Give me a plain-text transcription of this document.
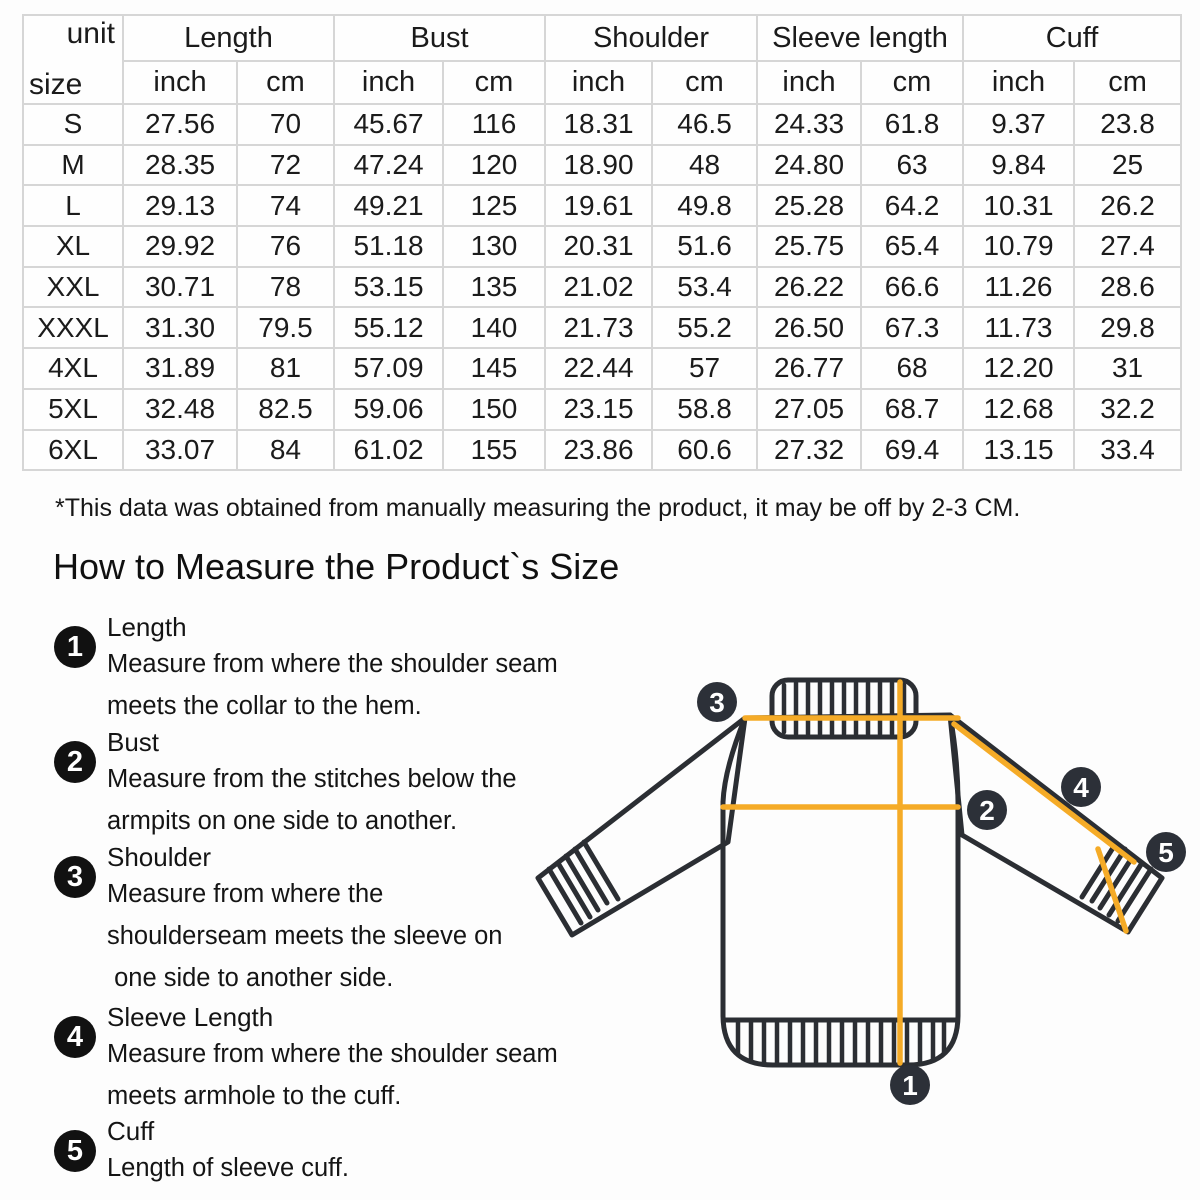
unit
size	Length		Bust		Shoulder		Sleeve length		Cuff	
	inch	cm	inch	cm	inch	cm	inch	cm	inch	cm
S	27.56	70	45.67	116	18.31	46.5	24.33	61.8	9.37	23.8
M	28.35	72	47.24	120	18.90	48	24.80	63	9.84	25
L	29.13	74	49.21	125	19.61	49.8	25.28	64.2	10.31	26.2
XL	29.92	76	51.18	130	20.31	51.6	25.75	65.4	10.79	27.4
XXL	30.71	78	53.15	135	21.02	53.4	26.22	66.6	11.26	28.6
XXXL	31.30	79.5	55.12	140	21.73	55.2	26.50	67.3	11.73	29.8
4XL	31.89	81	57.09	145	22.44	57	26.77	68	12.20	31
5XL	32.48	82.5	59.06	150	23.15	58.8	27.05	68.7	12.68	32.2
6XL	33.07	84	61.02	155	23.86	60.6	27.32	69.4	13.15	33.4
*This data was obtained from manually measuring the product, it may be off by 2-3 CM.
How to Measure the Product`s Size
1
Length
Measure from where the shoulder seam
meets the collar to the hem.
2
Bust
Measure from the stitches below the
armpits on one side to another.
3
Shoulder
Measure from where the
shoulderseam meets the sleeve on
one side to another side.
4
Sleeve Length
Measure from where the shoulder seam
meets armhole to the cuff.
5
Cuff
Length of sleeve cuff.
3
2
4
5
1
